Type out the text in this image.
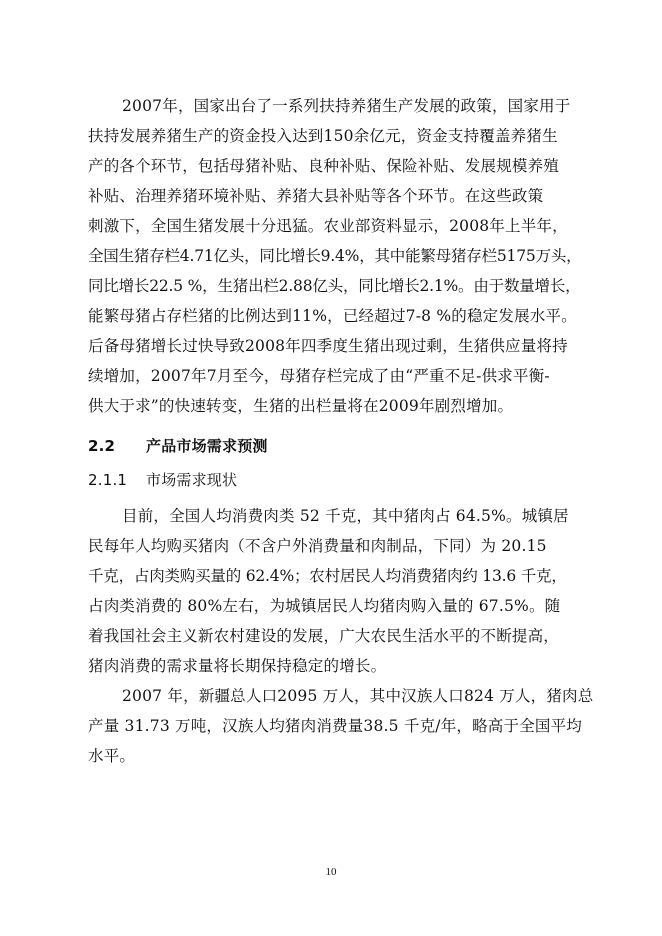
2007年，国家出台了一系列扶持养猪生产发展的政策，国家用于
扶持发展养猪生产的资金投入达到150余亿元，资金支持覆盖养猪生
产的各个环节，包括母猪补贴、良种补贴、保险补贴、发展规模养殖
补贴、治理养猪环境补贴、养猪大县补贴等各个环节。在这些政策
刺激下，全国生猪发展十分迅猛。农业部资料显示，2008年上半年，
全国生猪存栏4.71亿头，同比增长9.4%，其中能繁母猪存栏5175万头，
同比增长22.5 %，生猪出栏2.88亿头，同比增长2.1%。由于数量增长，
能繁母猪占存栏猪的比例达到11%，已经超过7-8 %的稳定发展水平。
后备母猪增长过快导致2008年四季度生猪出现过剩，生猪供应量将持
续增加，2007年7月至今，母猪存栏完成了由“严重不足-供求平衡-
供大于求”的快速转变，生猪的出栏量将在2009年剧烈增加。
2.2 产品市场需求预测
2.1.1 市场需求现状
目前，全国人均消费肉类 52 千克，其中猪肉占 64.5%。城镇居
民每年人均购买猪肉（不含户外消费量和肉制品，下同）为 20.15
千克，占肉类购买量的 62.4%；农村居民人均消费猪肉约 13.6 千克，
占肉类消费的 80%左右，为城镇居民人均猪肉购入量的 67.5%。随
着我国社会主义新农村建设的发展，广大农民生活水平的不断提高，
猪肉消费的需求量将长期保持稳定的增长。
2007 年，新疆总人口2095 万人，其中汉族人口824 万人，猪肉总
产量 31.73 万吨，汉族人均猪肉消费量38.5 千克/年，略高于全国平均
水平。
10
